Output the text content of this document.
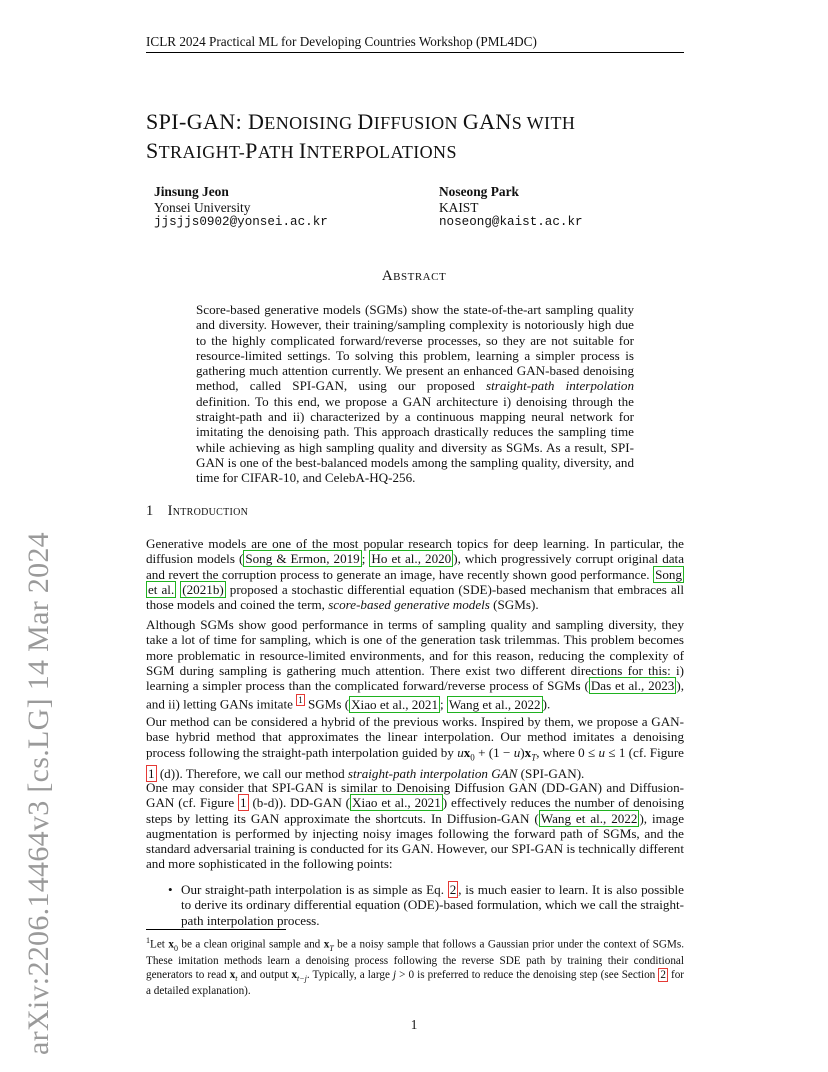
ICLR 2024 Practical ML for Developing Countries Workshop (PML4DC)
arXiv:2206.14464v3 [cs.LG] 14 Mar 2024
SPI-GAN: DENOISING DIFFUSION GANS WITH
STRAIGHT-PATH INTERPOLATIONS
Jinsung Jeon
Yonsei University
jjsjjs0902@yonsei.ac.kr
Noseong Park
KAIST
noseong@kaist.ac.kr
Abstract
Score-based generative models (SGMs) show the state-of-the-art sampling quality and diversity. However, their training/sampling complexity is notoriously high due to the highly complicated forward/reverse processes, so they are not suitable for resource-limited settings. To solving this problem, learning a simpler process is gathering much attention currently. We present an enhanced GAN-based denoising method, called SPI-GAN, using our proposed straight-path interpolation definition. To this end, we propose a GAN architecture i) denoising through the straight-path and ii) characterized by a continuous mapping neural network for imitating the denoising path. This approach drastically reduces the sampling time while achieving as high sampling quality and diversity as SGMs. As a result, SPI-GAN is one of the best-balanced models among the sampling quality, diversity, and time for CIFAR-10, and CelebA-HQ-256.
1 Introduction
Generative models are one of the most popular research topics for deep learning. In particular, the diffusion models ( Song & Ermon, 2019 ; Ho et al., 2020 ), which progressively corrupt original data and revert the corruption process to generate an image, have recently shown good performance. Song et al. (2021b) proposed a stochastic differential equation (SDE)-based mechanism that embraces all those models and coined the term, score-based generative models (SGMs).
Although SGMs show good performance in terms of sampling quality and sampling diversity, they take a lot of time for sampling, which is one of the generation task trilemmas. This problem becomes more problematic in resource-limited environments, and for this reason, reducing the complexity of SGM during sampling is gathering much attention. There exist two different directions for this: i) learning a simpler process than the complicated forward/reverse process of SGMs ( Das et al., 2023 ), and ii) letting GANs imitate $^1$ SGMs ( Xiao et al., 2021 ; Wang et al., 2022 ).
Our method can be considered a hybrid of the previous works. Inspired by them, we propose a GAN-base hybrid method that approximates the linear interpolation. Our method imitates a denoising process following the straight-path interpolation guided by $ux_0 + (1 - u)x_T$, where 0 ≤ u ≤ 1 (cf. Figure 1 (d)). Therefore, we call our method straight-path interpolation GAN (SPI-GAN).
One may consider that SPI-GAN is similar to Denoising Diffusion GAN (DD-GAN) and Diffusion-GAN (cf. Figure 1 (b-d)). DD-GAN ( Xiao et al., 2021 ) effectively reduces the number of denoising steps by letting its GAN approximate the shortcuts. In Diffusion-GAN ( Wang et al., 2022 ), image augmentation is performed by injecting noisy images following the forward path of SGMs, and the standard adversarial training is conducted for its GAN. However, our SPI-GAN is technically different and more sophisticated in the following points:
• Our straight-path interpolation is as simple as Eq. 2 , is much easier to learn. It is also possible to derive its ordinary differential equation (ODE)-based formulation, which we call the straight-path interpolation process.
$^1$Let $x_0$ be a clean original sample and $x_T$ be a noisy sample that follows a Gaussian prior under the context of SGMs. These imitation methods learn a denoising process following the reverse SDE path by training their conditional generators to read $x_t$ and output $x_{t-j}$. Typically, a large j > 0 is preferred to reduce the denoising step (see Section 2 for a detailed explanation).
1
